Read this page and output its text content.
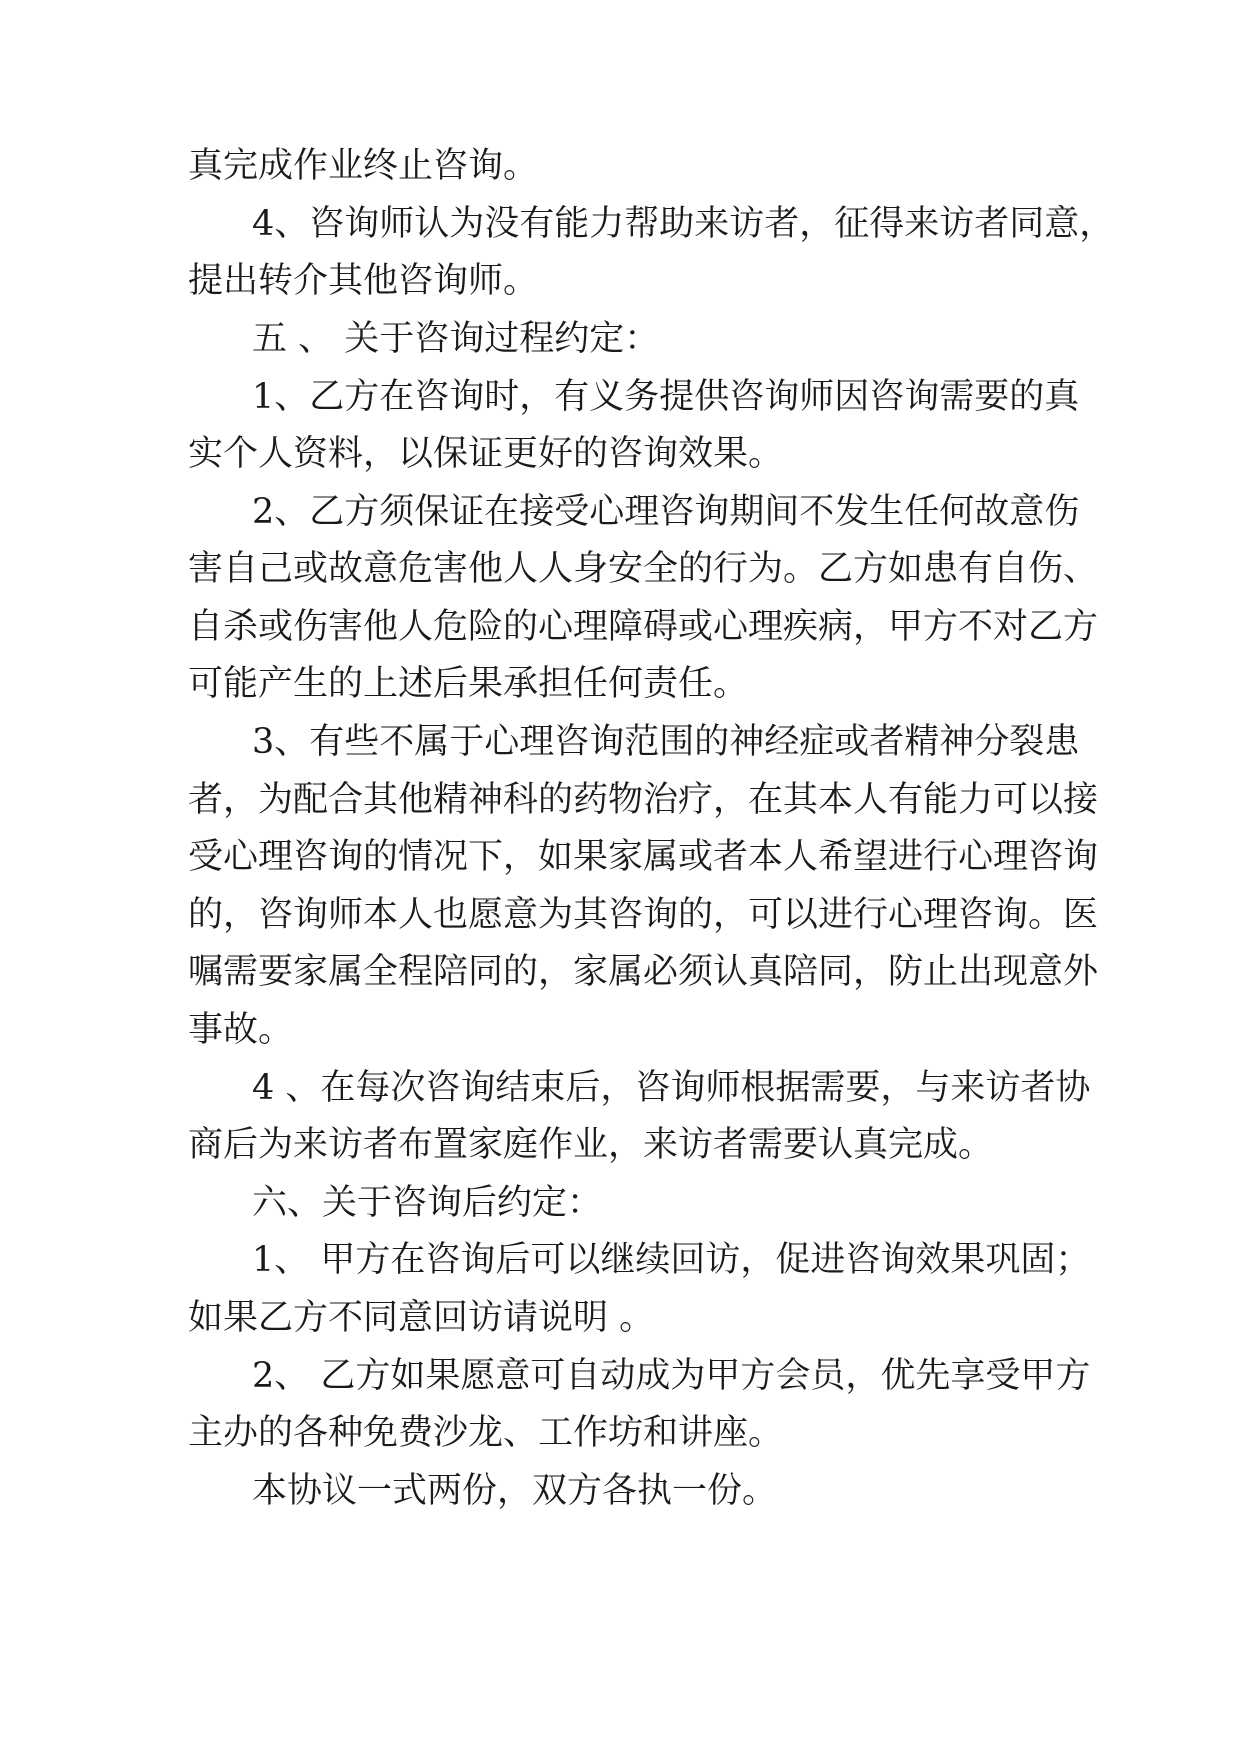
真完成作业终止咨询。

4、咨询师认为没有能力帮助来访者，征得来访者同意，

提出转介其他咨询师。

五 、 关于咨询过程约定：

1、乙方在咨询时，有义务提供咨询师因咨询需要的真

实个人资料，以保证更好的咨询效果。

2、乙方须保证在接受心理咨询期间不发生任何故意伤

害自己或故意危害他人人身安全的行为。乙方如患有自伤、

自杀或伤害他人危险的心理障碍或心理疾病，甲方不对乙方

可能产生的上述后果承担任何责任。

3、有些不属于心理咨询范围的神经症或者精神分裂患

者，为配合其他精神科的药物治疗，在其本人有能力可以接

受心理咨询的情况下，如果家属或者本人希望进行心理咨询

的，咨询师本人也愿意为其咨询的，可以进行心理咨询。医

嘱需要家属全程陪同的，家属必须认真陪同，防止出现意外

事故。

4 、在每次咨询结束后，咨询师根据需要，与来访者协

商后为来访者布置家庭作业，来访者需要认真完成。

六、关于咨询后约定：

1、 甲方在咨询后可以继续回访，促进咨询效果巩固；

如果乙方不同意回访请说明 。

2、 乙方如果愿意可自动成为甲方会员，优先享受甲方

主办的各种免费沙龙、工作坊和讲座。

本协议一式两份，双方各执一份。
